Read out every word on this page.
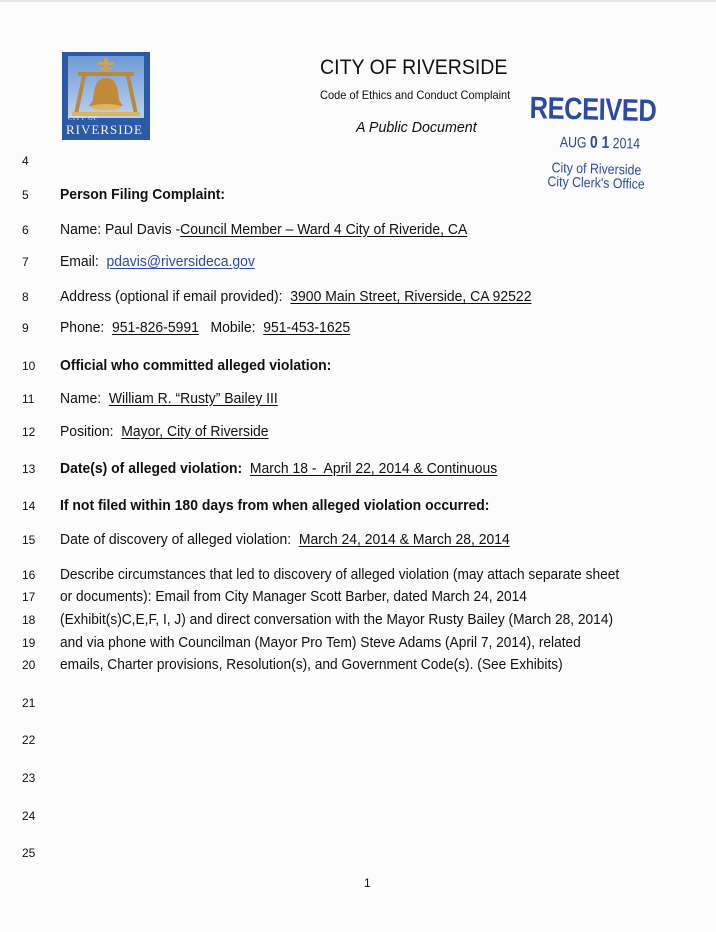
CITY OF
RIVERSIDE
CITY OF RIVERSIDE
Code of Ethics and Conduct Complaint
A Public Document RECEIVED
AUG 0 1 2014
City of Riverside
City Clerk's Office
4
5	Person Filing Complaint:
6	Name: Paul Davis -Council Member – Ward 4 City of Riveride, CA
7	Email:  pdavis@riversideca.gov
8	Address (optional if email provided):  3900 Main Street, Riverside, CA 92522
9	Phone:  951-826-5991   Mobile:  951-453-1625
10	Official who committed alleged violation:
11	Name:  William R. “Rusty” Bailey III
12	Position:  Mayor, City of Riverside
13	Date(s) of alleged violation:  March 18 -  April 22, 2014 & Continuous
14	If not filed within 180 days from when alleged violation occurred:
15	Date of discovery of alleged violation:  March 24, 2014 & March 28, 2014
16	Describe circumstances that led to discovery of alleged violation (may attach separate sheet
17	or documents): Email from City Manager Scott Barber, dated March 24, 2014
18	(Exhibit(s)C,E,F, I, J) and direct conversation with the Mayor Rusty Bailey (March 28, 2014)
19	and via phone with Councilman (Mayor Pro Tem) Steve Adams (April 7, 2014), related
20	emails, Charter provisions, Resolution(s), and Government Code(s). (See Exhibits)
21
22
23
24
25
1
